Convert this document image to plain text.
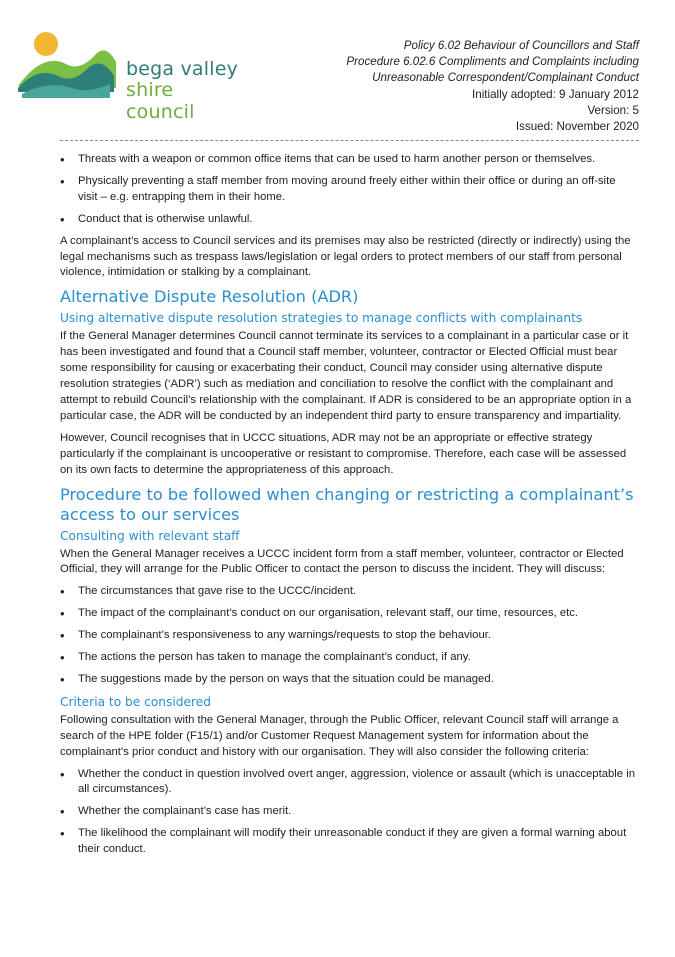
bega valley
shire council
Policy 6.02 Behaviour of Councillors and Staff
Procedure 6.02.6 Compliments and Complaints including
Unreasonable Correspondent/Complainant Conduct
Initially adopted: 9 January 2012
Version: 5
Issued: November 2020
• Threats with a weapon or common office items that can be used to harm another person or themselves.
• Physically preventing a staff member from moving around freely either within their office or during an off-site visit – e.g. entrapping them in their home.
• Conduct that is otherwise unlawful.

A complainant’s access to Council services and its premises may also be restricted (directly or indirectly) using the legal mechanisms such as trespass laws/legislation or legal orders to protect members of our staff from personal violence, intimidation or stalking by a complainant.

Alternative Dispute Resolution (ADR)
Using alternative dispute resolution strategies to manage conflicts with complainants

If the General Manager determines Council cannot terminate its services to a complainant in a particular case or it has been investigated and found that a Council staff member, volunteer, contractor or Elected Official must bear some responsibility for causing or exacerbating their conduct, Council may consider using alternative dispute resolution strategies (‘ADR’) such as mediation and conciliation to resolve the conflict with the complainant and attempt to rebuild Council’s relationship with the complainant. If ADR is considered to be an appropriate option in a particular case, the ADR will be conducted by an independent third party to ensure transparency and impartiality.

However, Council recognises that in UCCC situations, ADR may not be an appropriate or effective strategy particularly if the complainant is uncooperative or resistant to compromise. Therefore, each case will be assessed on its own facts to determine the appropriateness of this approach.

Procedure to be followed when changing or restricting a complainant’s access to our services
Consulting with relevant staff

When the General Manager receives a UCCC incident form from a staff member, volunteer, contractor or Elected Official, they will arrange for the Public Officer to contact the person to discuss the incident. They will discuss:

• The circumstances that gave rise to the UCCC/incident.
• The impact of the complainant’s conduct on our organisation, relevant staff, our time, resources, etc.
• The complainant’s responsiveness to any warnings/requests to stop the behaviour.
• The actions the person has taken to manage the complainant’s conduct, if any.
• The suggestions made by the person on ways that the situation could be managed.
Criteria to be considered

Following consultation with the General Manager, through the Public Officer, relevant Council staff will arrange a search of the HPE folder (F15/1) and/or Customer Request Management system for information about the complainant’s prior conduct and history with our organisation. They will also consider the following criteria:

• Whether the conduct in question involved overt anger, aggression, violence or assault (which is unacceptable in all circumstances).
• Whether the complainant’s case has merit.
• The likelihood the complainant will modify their unreasonable conduct if they are given a formal warning about their conduct.
